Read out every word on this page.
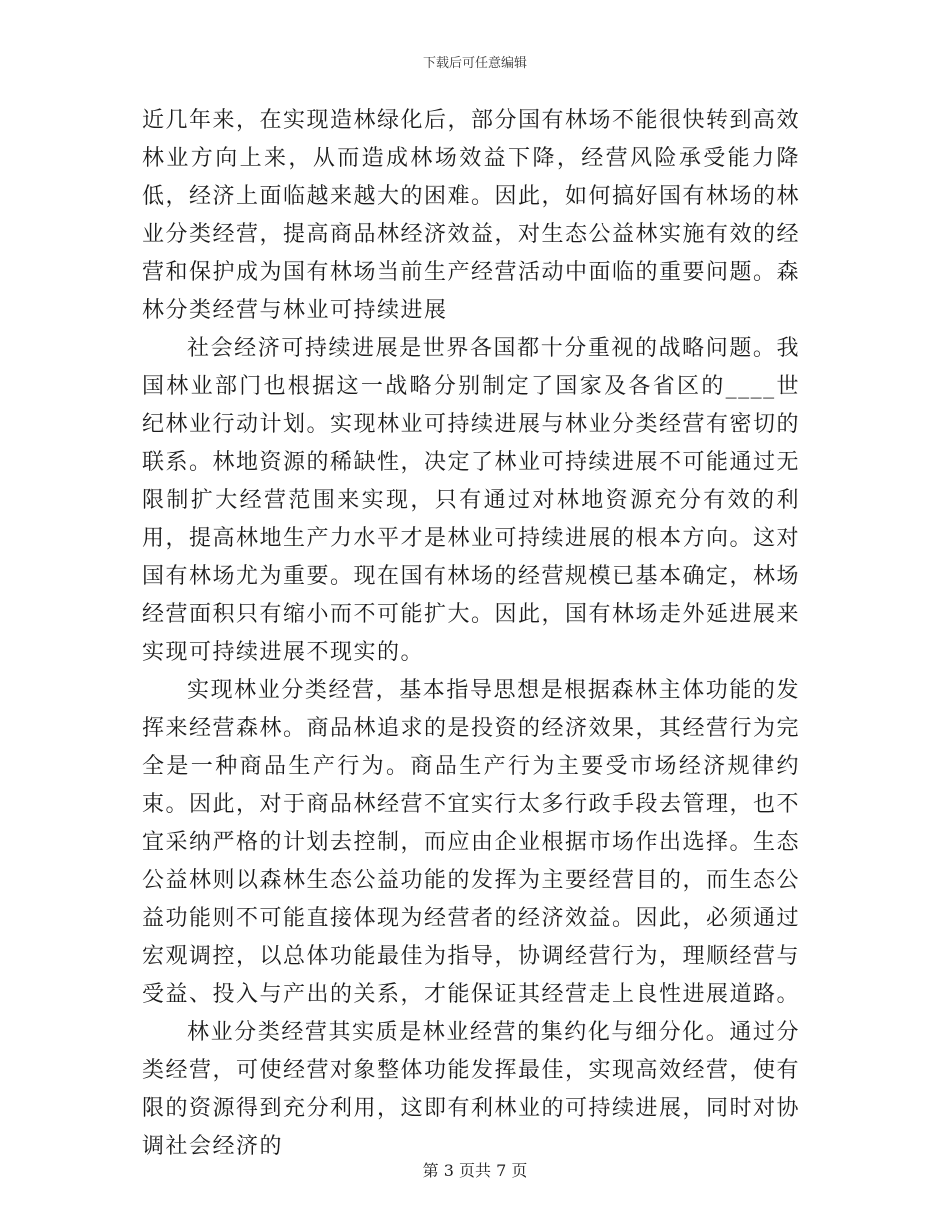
下载后可任意编辑

近几年来，在实现造林绿化后，部分国有林场不能很快转到高效林业方向上来，从而造成林场效益下降，经营风险承受能力降低，经济上面临越来越大的困难。因此，如何搞好国有林场的林业分类经营，提高商品林经济效益，对生态公益林实施有效的经营和保护成为国有林场当前生产经营活动中面临的重要问题。森林分类经营与林业可持续进展

社会经济可持续进展是世界各国都十分重视的战略问题。我国林业部门也根据这一战略分别制定了国家及各省区的____世纪林业行动计划。实现林业可持续进展与林业分类经营有密切的联系。林地资源的稀缺性，决定了林业可持续进展不可能通过无限制扩大经营范围来实现，只有通过对林地资源充分有效的利用，提高林地生产力水平才是林业可持续进展的根本方向。这对国有林场尤为重要。现在国有林场的经营规模已基本确定，林场经营面积只有缩小而不可能扩大。因此，国有林场走外延进展来实现可持续进展不现实的。

实现林业分类经营，基本指导思想是根据森林主体功能的发挥来经营森林。商品林追求的是投资的经济效果，其经营行为完全是一种商品生产行为。商品生产行为主要受市场经济规律约束。因此，对于商品林经营不宜实行太多行政手段去管理，也不宜采纳严格的计划去控制，而应由企业根据市场作出选择。生态公益林则以森林生态公益功能的发挥为主要经营目的，而生态公益功能则不可能直接体现为经营者的经济效益。因此，必须通过宏观调控，以总体功能最佳为指导，协调经营行为，理顺经营与受益、投入与产出的关系，才能保证其经营走上良性进展道路。

林业分类经营其实质是林业经营的集约化与细分化。通过分类经营，可使经营对象整体功能发挥最佳，实现高效经营，使有限的资源得到充分利用，这即有利林业的可持续进展，同时对协调社会经济的

第 3 页共 7 页
